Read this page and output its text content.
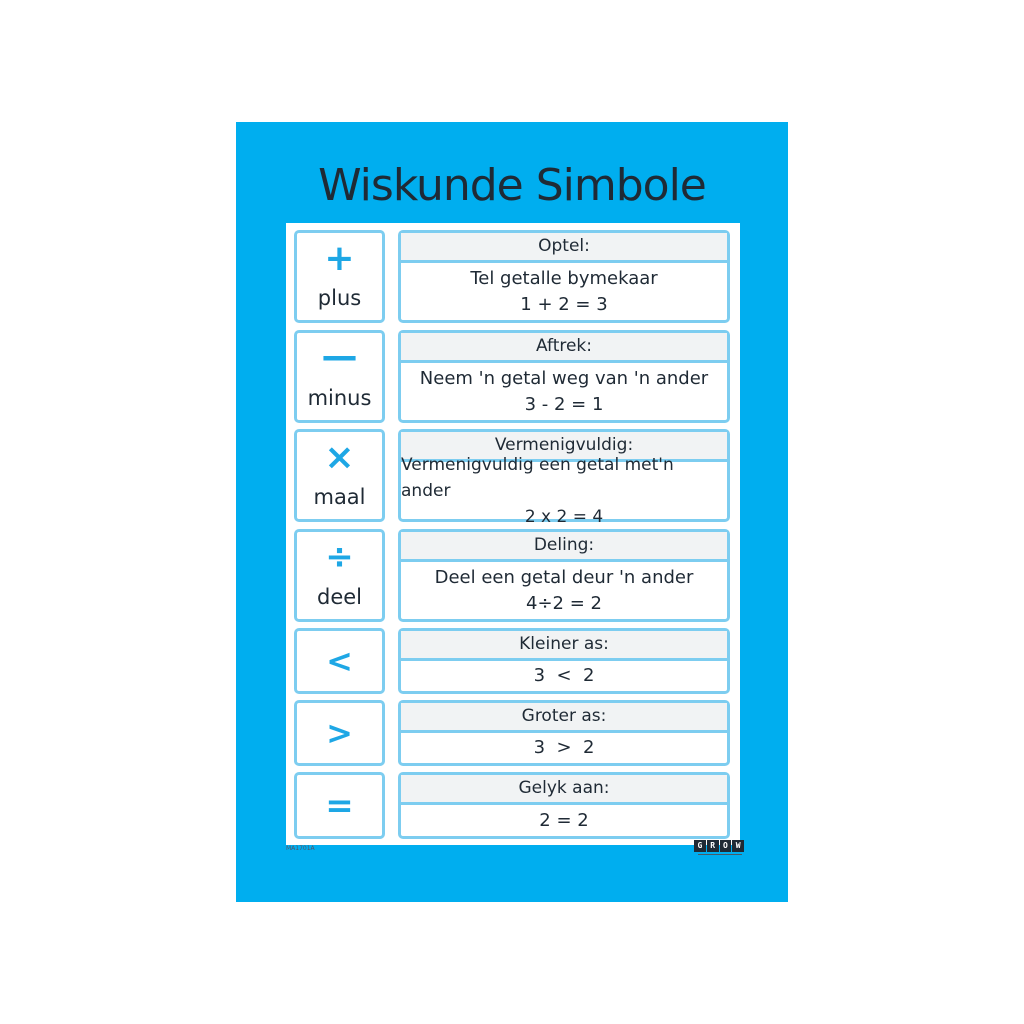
Wiskunde Simbole
+
plus
Optel:
Tel getalle bymekaar
1 + 2 = 3
—
minus
Aftrek:
Neem 'n getal weg van 'n ander
3 - 2 = 1
×
maal
Vermenigvuldig:
Vermenigvuldig een getal met'n ander
2 x 2 = 4
÷
deel
Deling:
Deel een getal deur 'n ander
4÷2 = 2
<	Kleiner as:
3  <  2
>	Groter as:
3  >  2
=	Gelyk aan:
2 = 2
MA1701A	G R O W
